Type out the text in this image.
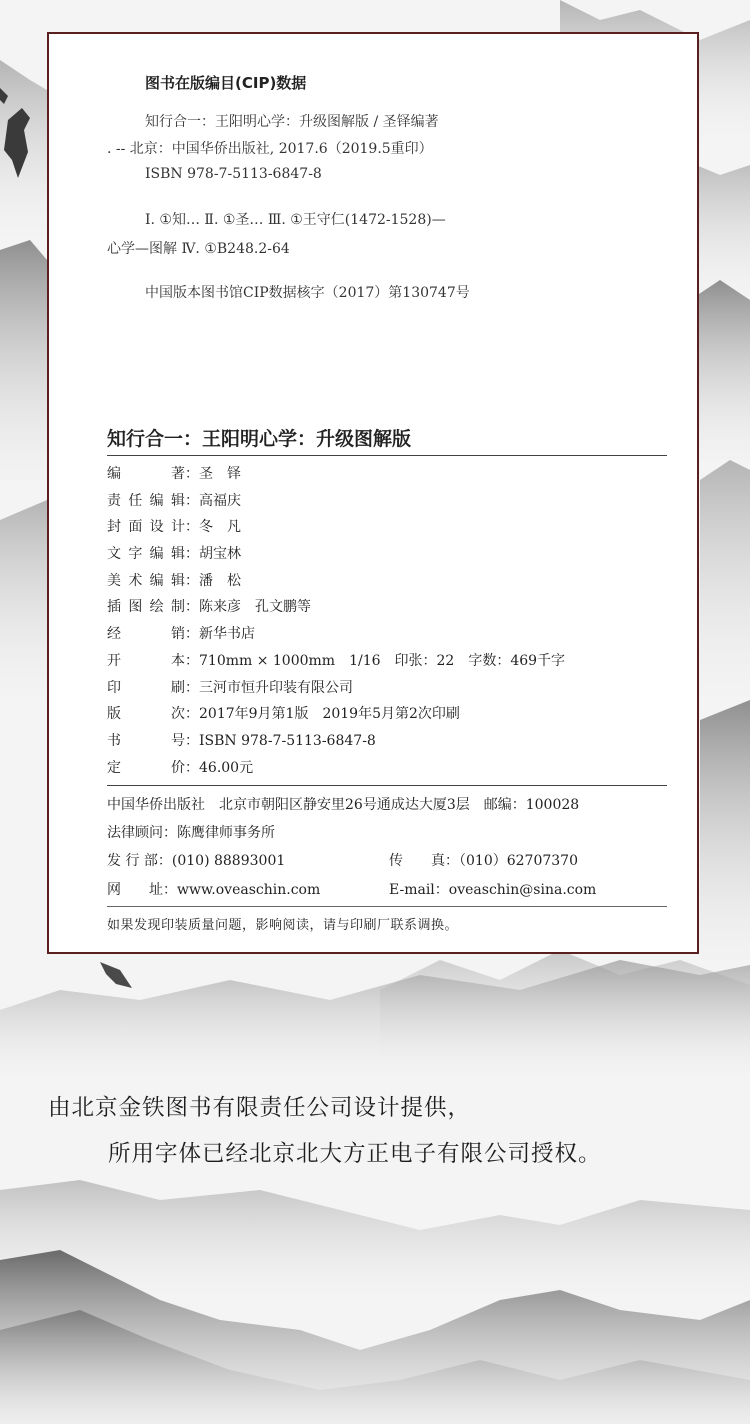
图书在版编目(CIP)数据
知行合一：王阳明心学：升级图解版 / 圣铎编著
. -- 北京：中国华侨出版社, 2017.6（2019.5重印）
ISBN 978-7-5113-6847-8
Ⅰ. ①知… Ⅱ. ①圣… Ⅲ. ①王守仁(1472-1528)—
心学—图解 Ⅳ. ①B248.2-64
中国版本图书馆CIP数据核字（2017）第130747号
知行合一：王阳明心学：升级图解版
编　　著 ： 圣　铎
责任编辑 ： 高福庆
封面设计 ： 冬　凡
文字编辑 ： 胡宝林
美术编辑 ： 潘　松
插图绘制 ： 陈来彦　孔文鹏等
经　　销 ： 新华书店
开　　本 ： 710mm × 1000mm　1/16　印张：22　字数：469千字
印　　刷 ： 三河市恒升印装有限公司
版　　次 ： 2017年9月第1版　2019年5月第2次印刷
书　　号 ： ISBN 978-7-5113-6847-8
定　　价 ： 46.00元
中国华侨出版社　北京市朝阳区静安里26号通成达大厦3层　邮编：100028
法律顾问：陈鹰律师事务所
发 行 部：(010) 88893001	传　　真：（010）62707370
网　　址：www.oveaschin.com	E-mail：oveaschin@sina.com
如果发现印装质量问题，影响阅读，请与印刷厂联系调换。
由北京金铁图书有限责任公司设计提供，
所用字体已经北京北大方正电子有限公司授权。
